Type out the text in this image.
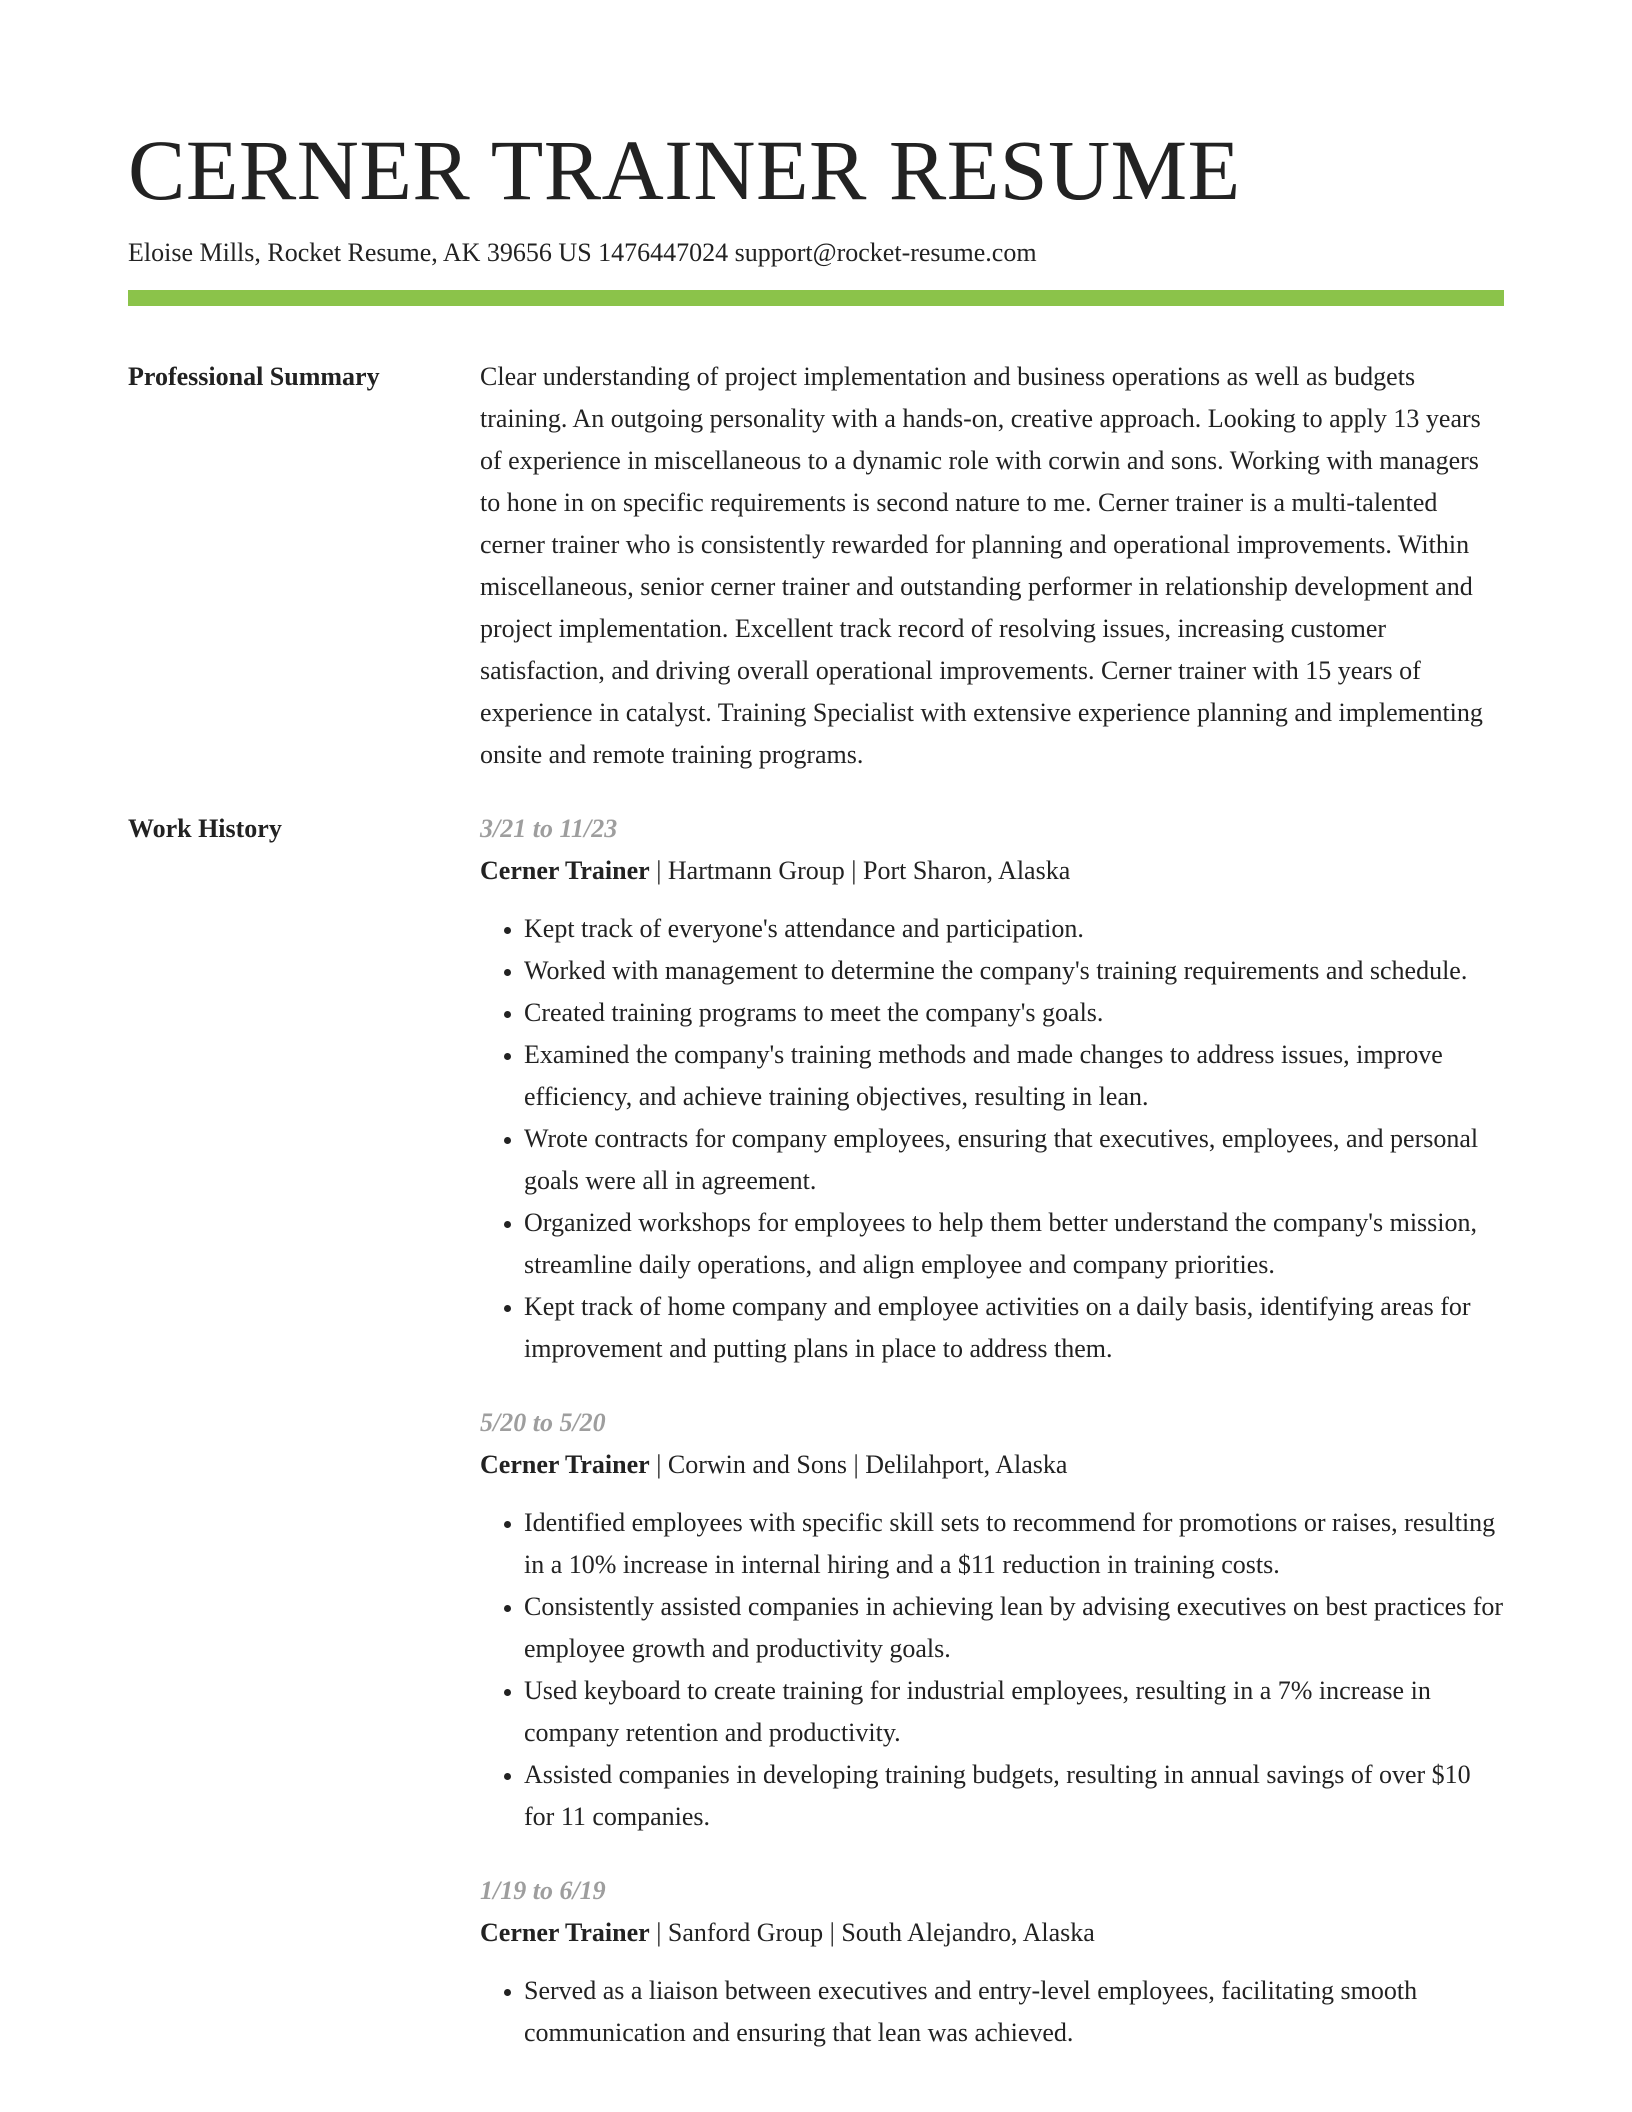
CERNER TRAINER RESUME
Eloise Mills, Rocket Resume, AK 39656 US 1476447024 support@rocket-resume.com
Professional Summary	Clear understanding of project implementation and business operations as well as budgets training. An outgoing personality with a hands-on, creative approach. Looking to apply 13 years of experience in miscellaneous to a dynamic role with corwin and sons. Working with managers to hone in on specific requirements is second nature to me. Cerner trainer is a multi-talented cerner trainer who is consistently rewarded for planning and operational improvements. Within miscellaneous, senior cerner trainer and outstanding performer in relationship development and project implementation. Excellent track record of resolving issues, increasing customer satisfaction, and driving overall operational improvements. Cerner trainer with 15 years of experience in catalyst. Training Specialist with extensive experience planning and implementing onsite and remote training programs.

Work History	3/21 to 11/23

Cerner Trainer | Hartmann Group | Port Sharon, Alaska

• Kept track of everyone's attendance and participation.
• Worked with management to determine the company's training requirements and schedule.
• Created training programs to meet the company's goals.
• Examined the company's training methods and made changes to address issues, improve efficiency, and achieve training objectives, resulting in lean.
• Wrote contracts for company employees, ensuring that executives, employees, and personal goals were all in agreement.
• Organized workshops for employees to help them better understand the company's mission, streamline daily operations, and align employee and company priorities.
• Kept track of home company and employee activities on a daily basis, identifying areas for improvement and putting plans in place to address them.
5/20 to 5/20

Cerner Trainer | Corwin and Sons | Delilahport, Alaska

• Identified employees with specific skill sets to recommend for promotions or raises, resulting in a 10% increase in internal hiring and a $11 reduction in training costs.
• Consistently assisted companies in achieving lean by advising executives on best practices for employee growth and productivity goals.
• Used keyboard to create training for industrial employees, resulting in a 7% increase in company retention and productivity.
• Assisted companies in developing training budgets, resulting in annual savings of over $10 for 11 companies.
1/19 to 6/19

Cerner Trainer | Sanford Group | South Alejandro, Alaska

• Served as a liaison between executives and entry-level employees, facilitating smooth communication and ensuring that lean was achieved.
